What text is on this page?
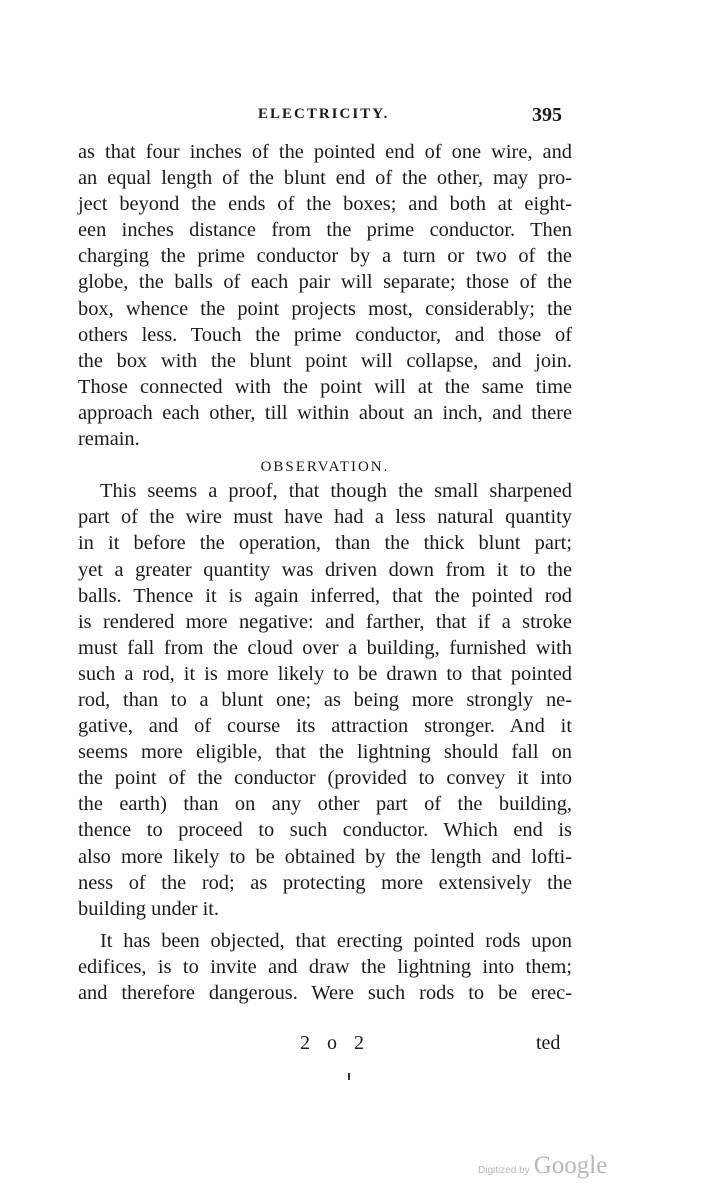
ELECTRICITY.	395
as that four inches of the pointed end of one wire, and
an equal length of the blunt end of the other, may pro-
ject beyond the ends of the boxes; and both at eight-
een inches distance from the prime conductor. Then
charging the prime conductor by a turn or two of the
globe, the balls of each pair will separate; those of the
box, whence the point projects most, considerably; the
others less. Touch the prime conductor, and those of
the box with the blunt point will collapse, and join.
Those connected with the point will at the same time
approach each other, till within about an inch, and there
remain.
OBSERVATION.
This seems a proof, that though the small sharpened
part of the wire must have had a less natural quantity
in it before the operation, than the thick blunt part;
yet a greater quantity was driven down from it to the
balls. Thence it is again inferred, that the pointed rod
is rendered more negative: and farther, that if a stroke
must fall from the cloud over a building, furnished with
such a rod, it is more likely to be drawn to that pointed
rod, than to a blunt one; as being more strongly ne-
gative, and of course its attraction stronger. And it
seems more eligible, that the lightning should fall on
the point of the conductor (provided to convey it into
the earth) than on any other part of the building,
thence to proceed to such conductor. Which end is
also more likely to be obtained by the length and lofti-
ness of the rod; as protecting more extensively the
building under it.
It has been objected, that erecting pointed rods upon
edifices, is to invite and draw the lightning into them;
and therefore dangerous. Were such rods to be erec-
2 o 2	ted
Digitized by Google
